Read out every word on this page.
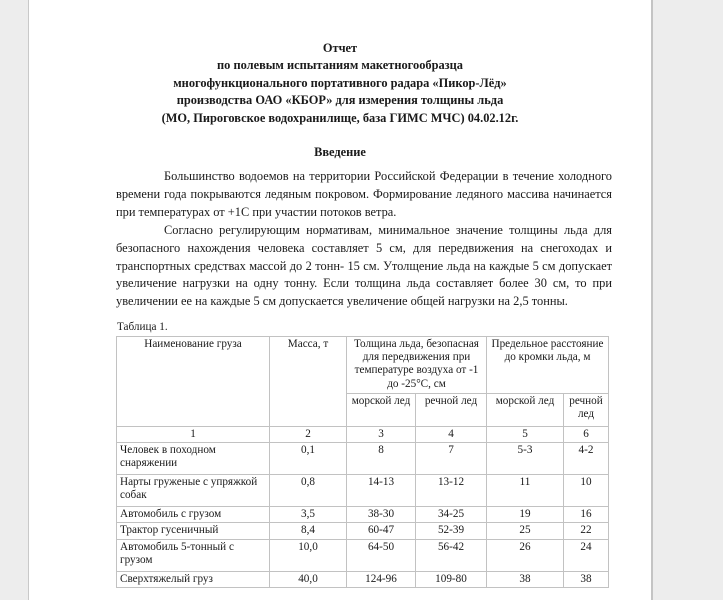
Отчет
по полевым испытаниям макетногообразца
многофункционального портативного радара «Пикор-Лёд»
производства ОАО «КБОР» для измерения толщины льда
(МО, Пироговское водохранилище, база ГИМС МЧС) 04.02.12г.
Введение

Большинство водоемов на территории Российской Федерации в течение холодного времени года покрываются ледяным покровом. Формирование ледяного массива начинается при температурах от +1С при участии потоков ветра.

Согласно регулирующим нормативам, минимальное значение толщины льда для безопасного нахождения человека составляет 5 см, для передвижения на снегоходах и транспортных средствах массой до 2 тонн- 15 см. Утолщение льда на каждые 5 см допускает увеличение нагрузки на одну тонну. Если толщина льда составляет более 30 см, то при увеличении ее на каждые 5 см допускается увеличение общей нагрузки на 2,5 тонны.

Таблица 1.
Наименование груза	Масса, т	Толщина льда, безопасная для передвижения при температуре воздуха от -1 до -25°C, см		Предельное расстояние до кромки льда, м	
		морской лед	речной лед	морской лед	речной лед
1	2	3	4	5	6
Человек в походном снаряжении	0,1	8	7	5-3	4-2
Нарты груженые с упряжкой собак	0,8	14-13	13-12	11	10
Автомобиль с грузом	3,5	38-30	34-25	19	16
Трактор гусеничный	8,4	60-47	52-39	25	22
Автомобиль 5-тонный с грузом	10,0	64-50	56-42	26	24
Сверхтяжелый груз	40,0	124-96	109-80	38	38
